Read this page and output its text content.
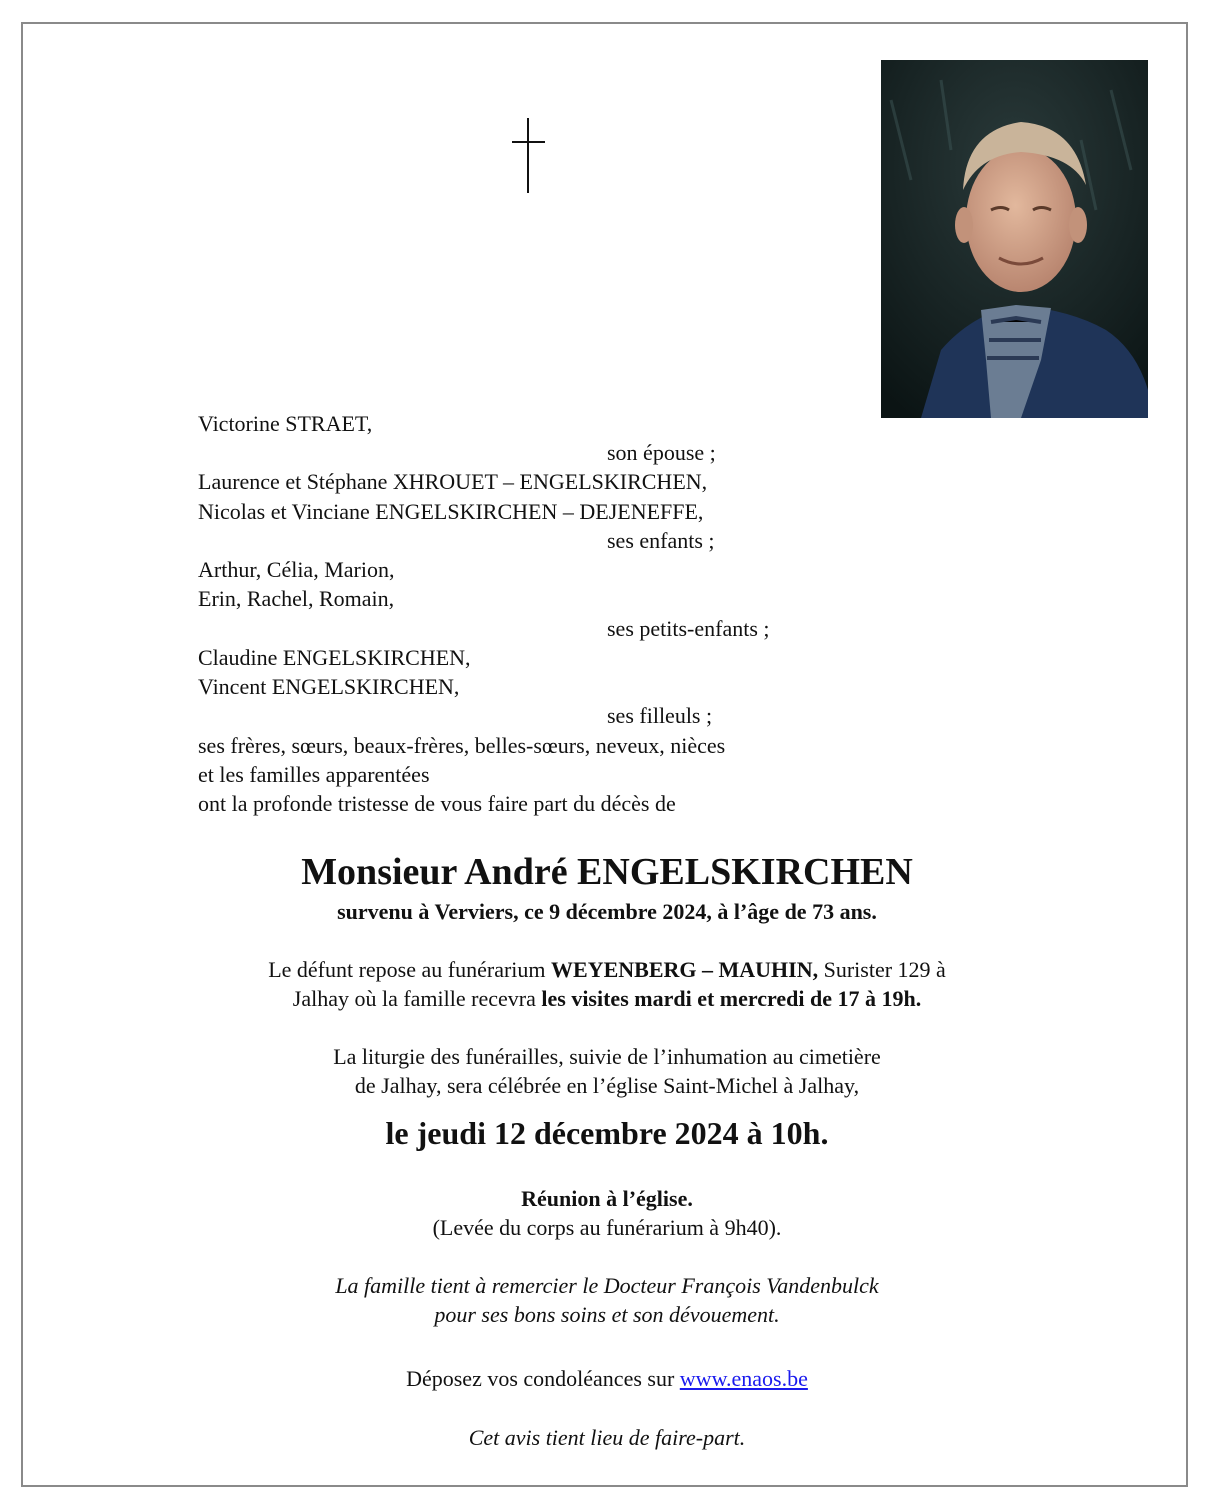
Victorine STRAET,
son épouse ;
Laurence et Stéphane XHROUET – ENGELSKIRCHEN,
Nicolas et Vinciane ENGELSKIRCHEN – DEJENEFFE,
ses enfants ;
Arthur, Célia, Marion,
Erin, Rachel, Romain,
ses petits-enfants ;
Claudine ENGELSKIRCHEN,
Vincent ENGELSKIRCHEN,
ses filleuls ;
ses frères, sœurs, beaux-frères, belles-sœurs, neveux, nièces
et les familles apparentées
ont la profonde tristesse de vous faire part du décès de
Monsieur André ENGELSKIRCHEN
survenu à Verviers, ce 9 décembre 2024, à l’âge de 73 ans.
Le défunt repose au funérarium WEYENBERG – MAUHIN, Surister 129 à
Jalhay où la famille recevra les visites mardi et mercredi de 17 à 19h.
La liturgie des funérailles, suivie de l’inhumation au cimetière
de Jalhay, sera célébrée en l’église Saint-Michel à Jalhay,
le jeudi 12 décembre 2024 à 10h.
Réunion à l’église.
(Levée du corps au funérarium à 9h40).
La famille tient à remercier le Docteur François Vandenbulck
pour ses bons soins et son dévouement.
Déposez vos condoléances sur www.enaos.be
Cet avis tient lieu de faire-part.
